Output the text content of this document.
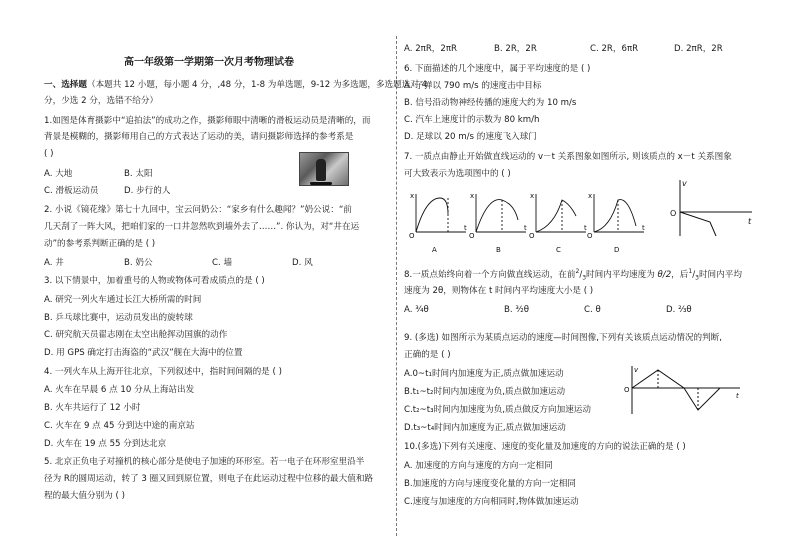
高一年级第一学期第一次月考物理试卷
一、选择题（本题共 12 小题，每小题 4 分，,48 分，1-8 为单选题，9-12 为多选题，多选题选对 4
分，少选 2 分，选错不给分）
1.如图是体育摄影中“追拍法”的成功之作，摄影师眼中清晰的滑板运动员是清晰的，而
背景是模糊的，摄影师用自己的方式表达了运动的美，请问摄影师选择的参考系是
( )
A. 大地	B. 太阳
C. 滑板运动员	D. 步行的人
2. 小说《镜花缘》第七十九回中，宝云问奶公：“家乡有什么趣闻？”奶公说：“前
几天刮了一阵大风，把咱们家的一口井忽然吹到墙外去了……”. 你认为，对“井在运
动”的参考系判断正确的是 ( )
A. 井	B. 奶公	C. 墙	D. 风
3. 以下情景中，加着重号的人物或物体可看成质点的是 ( )
A. 研究一列火车通过长江大桥所需的时间
B. 乒乓球比赛中，运动员发出的旋转球
C. 研究航天员翟志刚在太空出舱挥动国旗的动作
D. 用 GPS 确定打击海盗的“武汉”舰在大海中的位置
4. 一列火车从上海开往北京，下列叙述中，指时间间隔的是 ( )
A. 火车在早晨 6 点 10 分从上海站出发
B. 火车共运行了 12 小时
C. 火车在 9 点 45 分到达中途的南京站
D. 火车在 19 点 55 分到达北京
5. 北京正负电子对撞机的核心部分是使电子加速的环形室。若一电子在环形室里沿半
径为 R的圆周运动，转了 3 圈又回到原位置，则电子在此运动过程中位移的最大值和路
程的最大值分别为 ( )
A. 2πR，2πR	B. 2R，2R	C. 2R，6πR	D. 2πR，2R
6. 下面描述的几个速度中，属于平均速度的是 ( )
A. 子弹以 790 m/s 的速度击中目标
B. 信号沿动物神经传播的速度大约为 10 m/s
C. 汽车上速度计的示数为 80 km/h
D. 足球以 20 m/s 的速度飞入球门
7. 一质点由静止开始做直线运动的 v－t 关系图象如图所示, 则该质点的 x－t 关系图象
可大致表示为选项图中的 ( )
x
O
t
x
O
t
x
O
t
x
O
t
A	B	C	D
v
O
t
8.一质点始终向着一个方向做直线运动，在前$^2/_3$时间内平均速度为 θ/2，后$^1/_3$时间内平均
速度为 2θ，则物体在 t 时间内平均速度大小是 ( )
A. ³⁄₄θ	B. ³⁄₂θ	C. θ	D. ²⁄₃θ
9. (多选) 如图所示为某质点运动的速度—时间图像,下列有关该质点运动情况的判断,
正确的是 ( )
A.0~t₁时间内加速度为正,质点做加速运动
B.t₁~t₂时间内加速度为负,质点做加速运动
C.t₂~t₃时间内加速度为负,质点做反方向加速运动
D.t₃~t₄时间内加速度为正,质点做加速运动
O
v
t
10.(多选)下列有关速度、速度的变化量及加速度的方向的说法正确的是 ( )
A. 加速度的方向与速度的方向一定相同
B.加速度的方向与速度变化量的方向一定相同
C.速度与加速度的方向相同时,物体做加速运动
